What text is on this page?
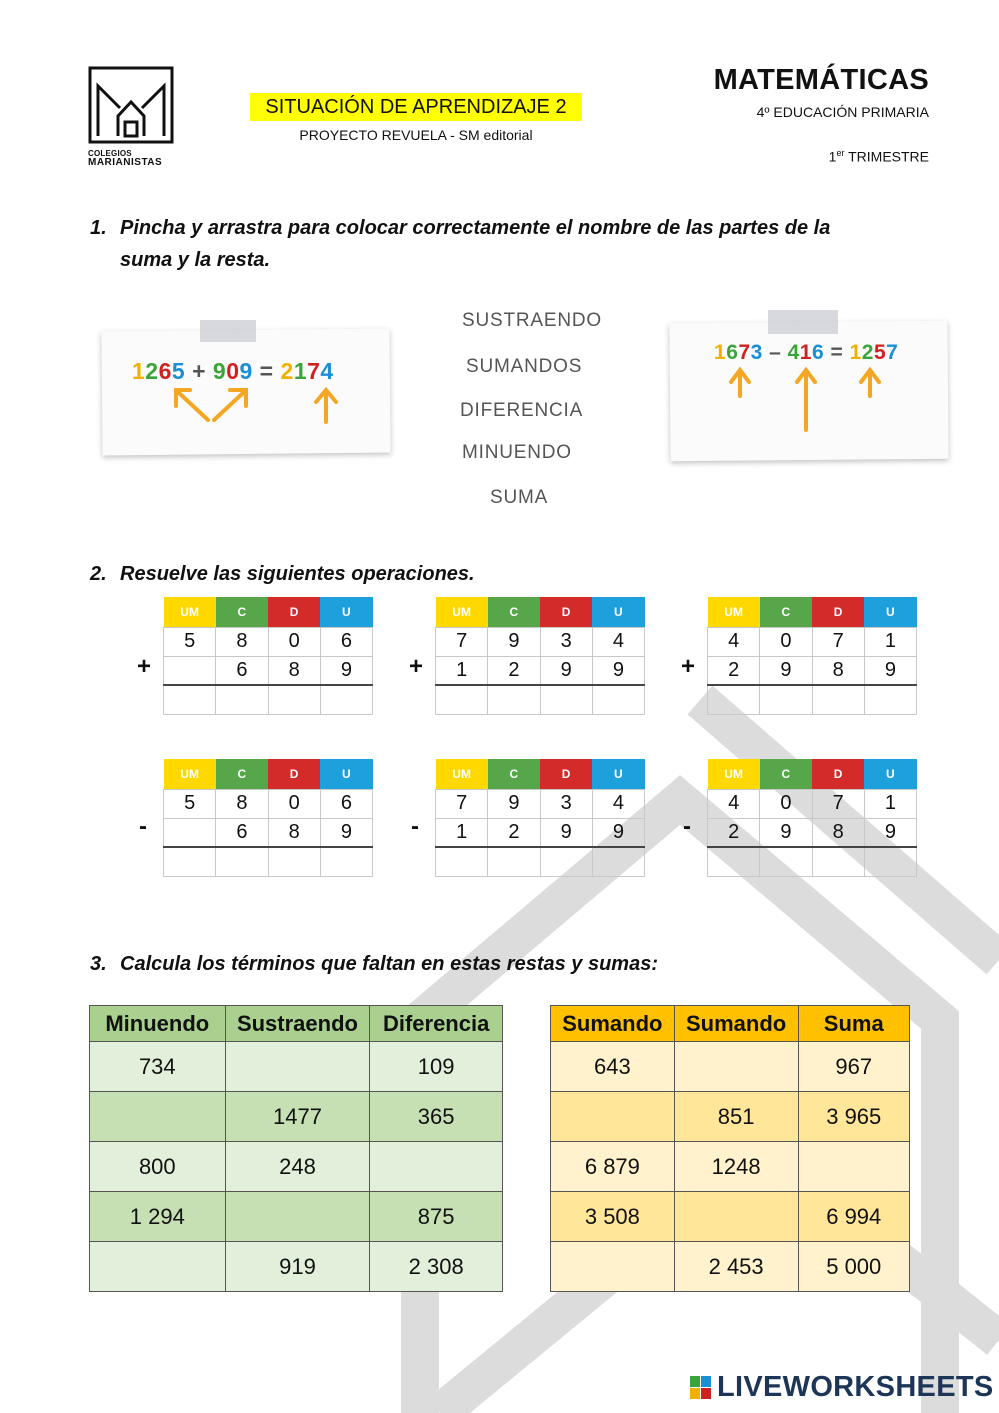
COLEGIOS
MARIANISTAS
SITUACIÓN DE APRENDIZAJE 2
PROYECTO REVUELA - SM editorial
MATEMÁTICAS
4º EDUCACIÓN PRIMARIA
1er TRIMESTRE
1. Pincha y arrastra para colocar correctamente el nombre de las partes de la
suma y la resta.
1265 + 909 = 2174
SUSTRAENDO
SUMANDOS
DIFERENCIA
MINUENDO
SUMA
1673 – 416 = 1257
2. Resuelve las siguientes operaciones.
+
UM	C	D	U
5	8	0	6
	6	8	9
			+
UM	C	D	U
7	9	3	4
1	2	9	9
			+
UM	C	D	U
4	0	7	1
2	9	8	9

-
UM	C	D	U
5	8	0	6
	6	8	9
			-
UM	C	D	U
7	9	3	4
1	2	9	9
			-
UM	C	D	U
4	0	7	1
2	9	8	9

3. Calcula los términos que faltan en estas restas y sumas:
Minuendo	Sustraendo	Diferencia
734		109
	1477	365
800	248	
1 294		875
	919	2 308
Sumando	Sumando	Suma
643		967
	851	3 965
6 879	1248	
3 508		6 994
	2 453	5 000
LIVEWORKSHEETS
